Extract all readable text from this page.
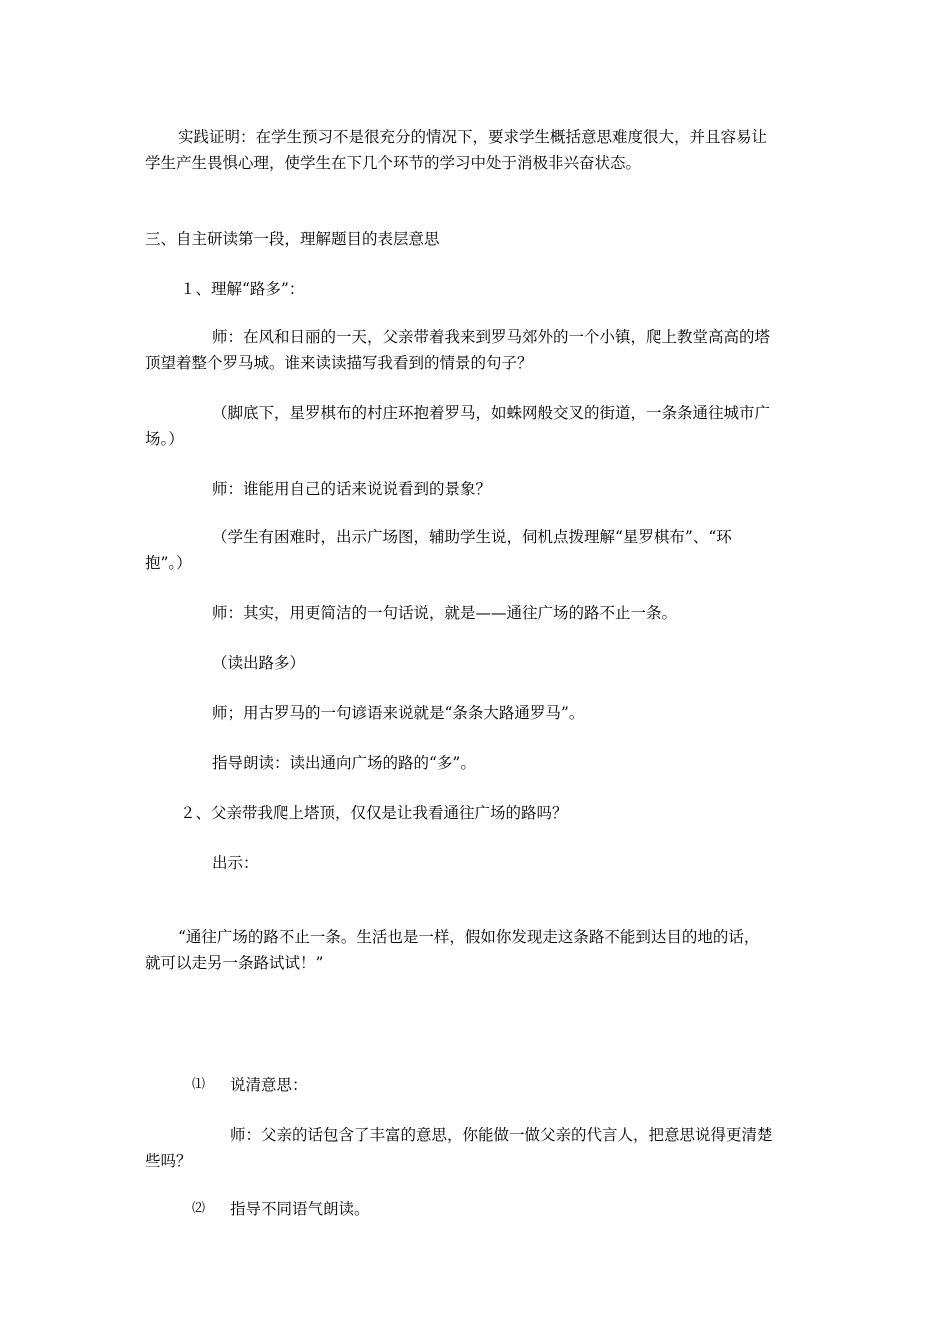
实践证明：在学生预习不是很充分的情况下，要求学生概括意思难度很大，并且容易让
学生产生畏惧心理，使学生在下几个环节的学习中处于消极非兴奋状态。

三、自主研读第一段，理解题目的表层意思

１、理解“路多”：

师：在风和日丽的一天，父亲带着我来到罗马郊外的一个小镇，爬上教堂高高的塔
顶望着整个罗马城。谁来读读描写我看到的情景的句子？

（脚底下，星罗棋布的村庄环抱着罗马，如蛛网般交叉的街道，一条条通往城市广
场。）

师：谁能用自己的话来说说看到的景象？

（学生有困难时，出示广场图，辅助学生说，伺机点拨理解“星罗棋布”、“环
抱”。）

师：其实，用更简洁的一句话说，就是——通往广场的路不止一条。

（读出路多）

师；用古罗马的一句谚语来说就是“条条大路通罗马”。

指导朗读：读出通向广场的路的“多”。

２、父亲带我爬上塔顶，仅仅是让我看通往广场的路吗？

出示：

“通往广场的路不止一条。生活也是一样，假如你发现走这条路不能到达目的地的话，
就可以走另一条路试试！”

⑴ 说清意思：

师：父亲的话包含了丰富的意思，你能做一做父亲的代言人，把意思说得更清楚
些吗？

⑵ 指导不同语气朗读。
